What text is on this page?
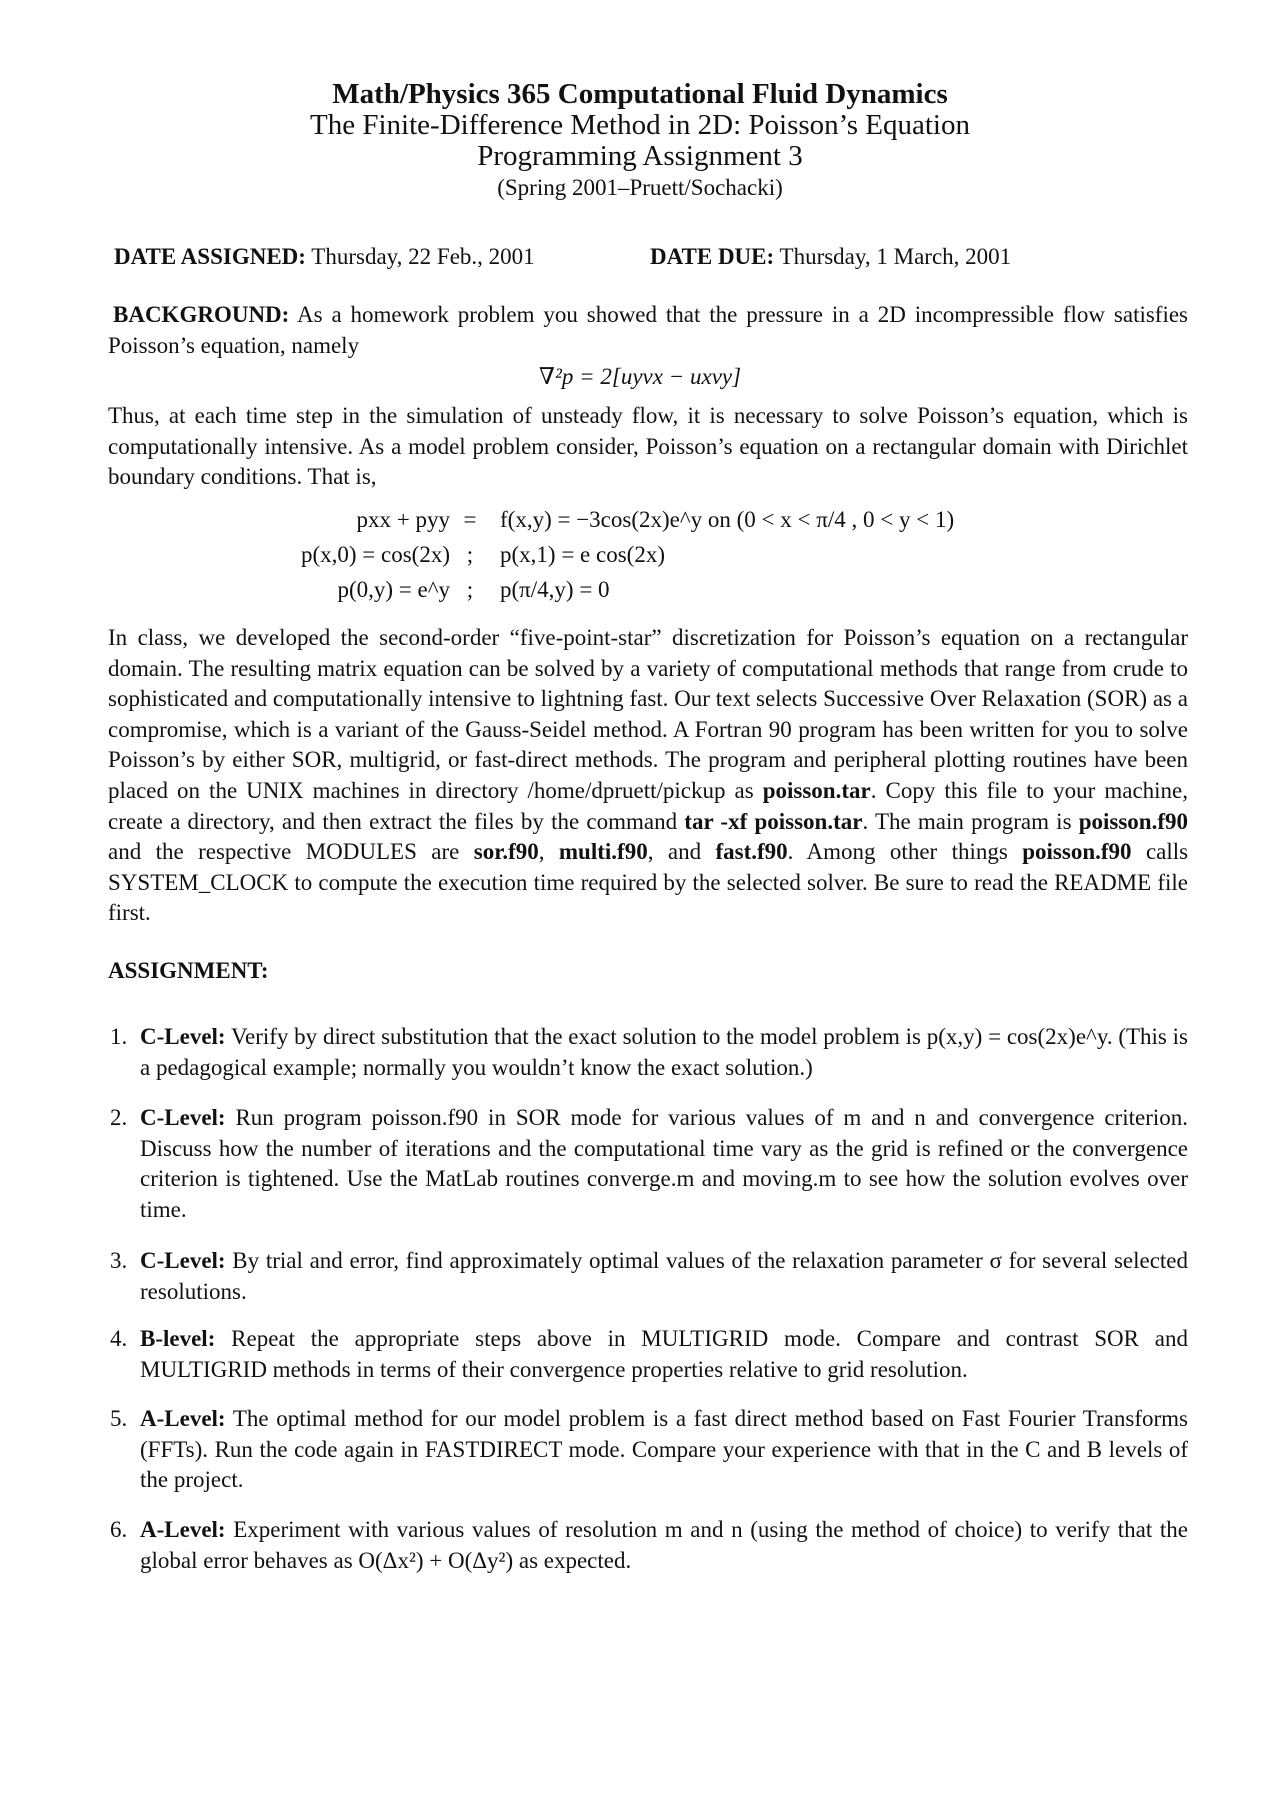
Math/Physics 365 Computational Fluid Dynamics
The Finite-Difference Method in 2D: Poisson’s Equation
Programming Assignment 3
(Spring 2001–Pruett/Sochacki)
DATE ASSIGNED: Thursday, 22 Feb., 2001	DATE DUE: Thursday, 1 March, 2001
BACKGROUND: As a homework problem you showed that the pressure in a 2D incompressible flow satisfies Poisson’s equation, namely
∇²p = 2[uyvx − uxvy]
Thus, at each time step in the simulation of unsteady flow, it is necessary to solve Poisson’s equation, which is computationally intensive. As a model problem consider, Poisson’s equation on a rectangular domain with Dirichlet boundary conditions. That is,
pxx + pyy = f(x,y) = −3cos(2x)e^y on (0 < x < π/4 , 0 < y < 1)
p(x,0) = cos(2x) ; p(x,1) = e cos(2x)
p(0,y) = e^y ; p(π/4,y) = 0
In class, we developed the second-order “five-point-star” discretization for Poisson’s equation on a rectangular domain. The resulting matrix equation can be solved by a variety of computational methods that range from crude to sophisticated and computationally intensive to lightning fast. Our text selects Successive Over Relaxation (SOR) as a compromise, which is a variant of the Gauss-Seidel method. A Fortran 90 program has been written for you to solve Poisson’s by either SOR, multigrid, or fast-direct methods. The program and peripheral plotting routines have been placed on the UNIX machines in directory /home/dpruett/pickup as poisson.tar. Copy this file to your machine, create a directory, and then extract the files by the command tar -xf poisson.tar. The main program is poisson.f90 and the respective MODULES are sor.f90, multi.f90, and fast.f90. Among other things poisson.f90 calls SYSTEM_CLOCK to compute the execution time required by the selected solver. Be sure to read the README file first.
ASSIGNMENT:
1. C-Level: Verify by direct substitution that the exact solution to the model problem is p(x,y) = cos(2x)e^y. (This is a pedagogical example; normally you wouldn’t know the exact solution.)
2. C-Level: Run program poisson.f90 in SOR mode for various values of m and n and convergence criterion. Discuss how the number of iterations and the computational time vary as the grid is refined or the convergence criterion is tightened. Use the MatLab routines converge.m and moving.m to see how the solution evolves over time.
3. C-Level: By trial and error, find approximately optimal values of the relaxation parameter σ for several selected resolutions.
4. B-level: Repeat the appropriate steps above in MULTIGRID mode. Compare and contrast SOR and MULTIGRID methods in terms of their convergence properties relative to grid resolution.
5. A-Level: The optimal method for our model problem is a fast direct method based on Fast Fourier Transforms (FFTs). Run the code again in FASTDIRECT mode. Compare your experience with that in the C and B levels of the project.
6. A-Level: Experiment with various values of resolution m and n (using the method of choice) to verify that the global error behaves as O(Δx²) + O(Δy²) as expected.
